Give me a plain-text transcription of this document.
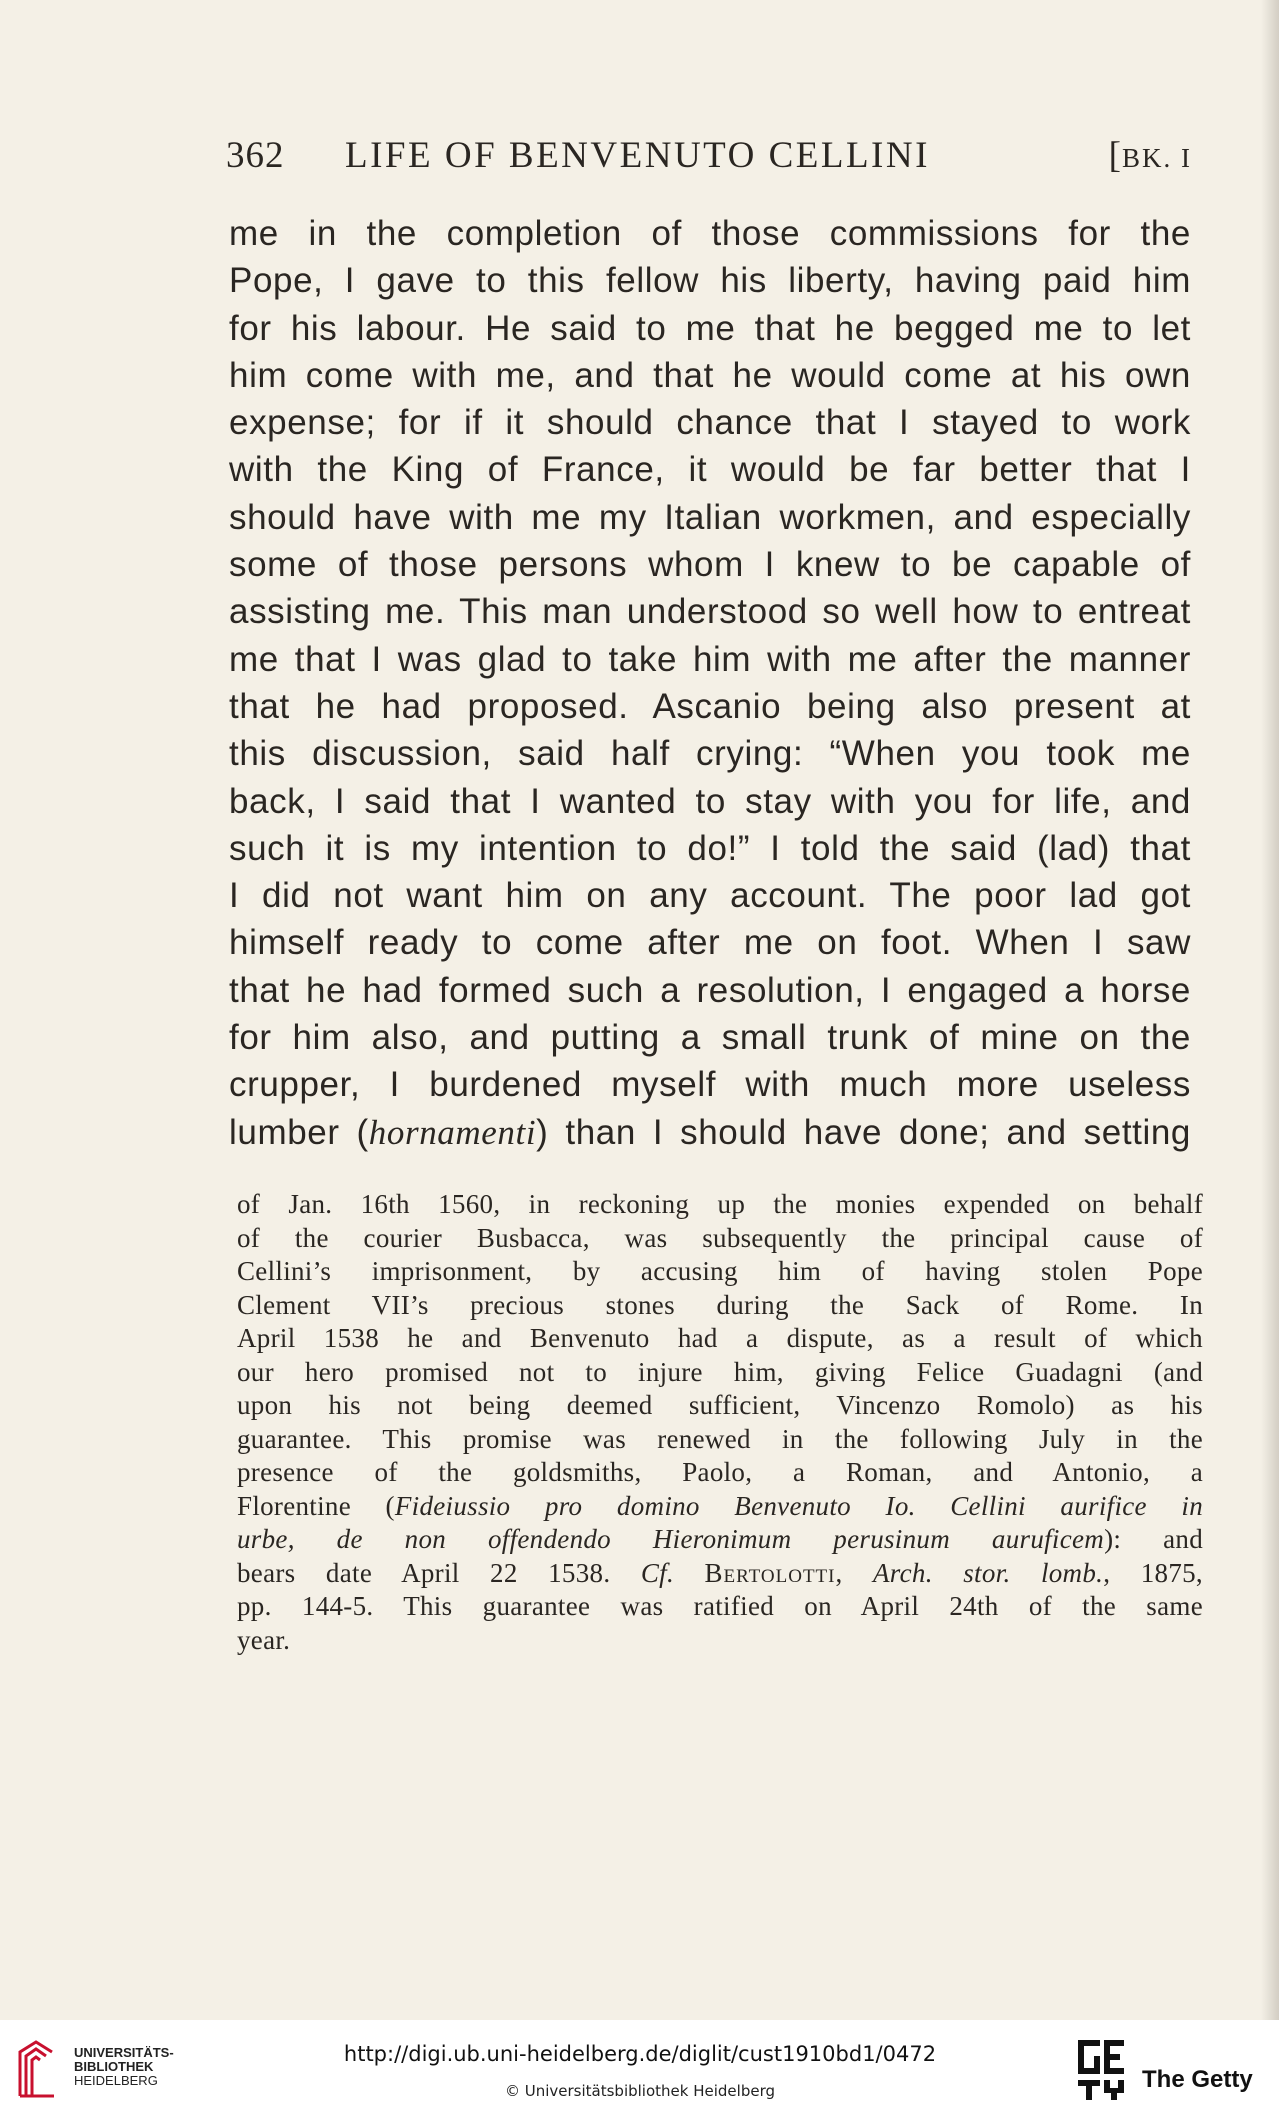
362 LIFE OF BENVENUTO CELLINI	[BK. I
me in the completion of those commissions for the
Pope, I gave to this fellow his liberty, having paid him
for his labour. He said to me that he begged me to let
him come with me, and that he would come at his own
expense; for if it should chance that I stayed to work
with the King of France, it would be far better that I
should have with me my Italian workmen, and especially
some of those persons whom I knew to be capable of
assisting me. This man understood so well how to entreat
me that I was glad to take him with me after the manner
that he had proposed. Ascanio being also present at
this discussion, said half crying: “When you took me
back, I said that I wanted to stay with you for life, and
such it is my intention to do!” I told the said (lad) that
I did not want him on any account. The poor lad got
himself ready to come after me on foot. When I saw
that he had formed such a resolution, I engaged a horse
for him also, and putting a small trunk of mine on the
crupper, I burdened myself with much more useless
lumber (hornamenti) than I should have done; and setting
of Jan. 16th 1560, in reckoning up the monies expended on behalf
of the courier Busbacca, was subsequently the principal cause of
Cellini’s imprisonment, by accusing him of having stolen Pope
Clement VII’s precious stones during the Sack of Rome. In
April 1538 he and Benvenuto had a dispute, as a result of which
our hero promised not to injure him, giving Felice Guadagni (and
upon his not being deemed sufficient, Vincenzo Romolo) as his
guarantee. This promise was renewed in the following July in the
presence of the goldsmiths, Paolo, a Roman, and Antonio, a
Florentine (Fideiussio pro domino Benvenuto Io. Cellini aurifice in
urbe, de non offendendo Hieronimum perusinum auruficem): and
bears date April 22 1538. Cf. Bertolotti, Arch. stor. lomb., 1875,
pp. 144-5. This guarantee was ratified on April 24th of the same
year.
UNIVERSITÄTS-
BIBLIOTHEK
HEIDELBERG
http://digi.ub.uni-heidelberg.de/diglit/cust1910bd1/0472
© Universitätsbibliothek Heidelberg	The Getty
